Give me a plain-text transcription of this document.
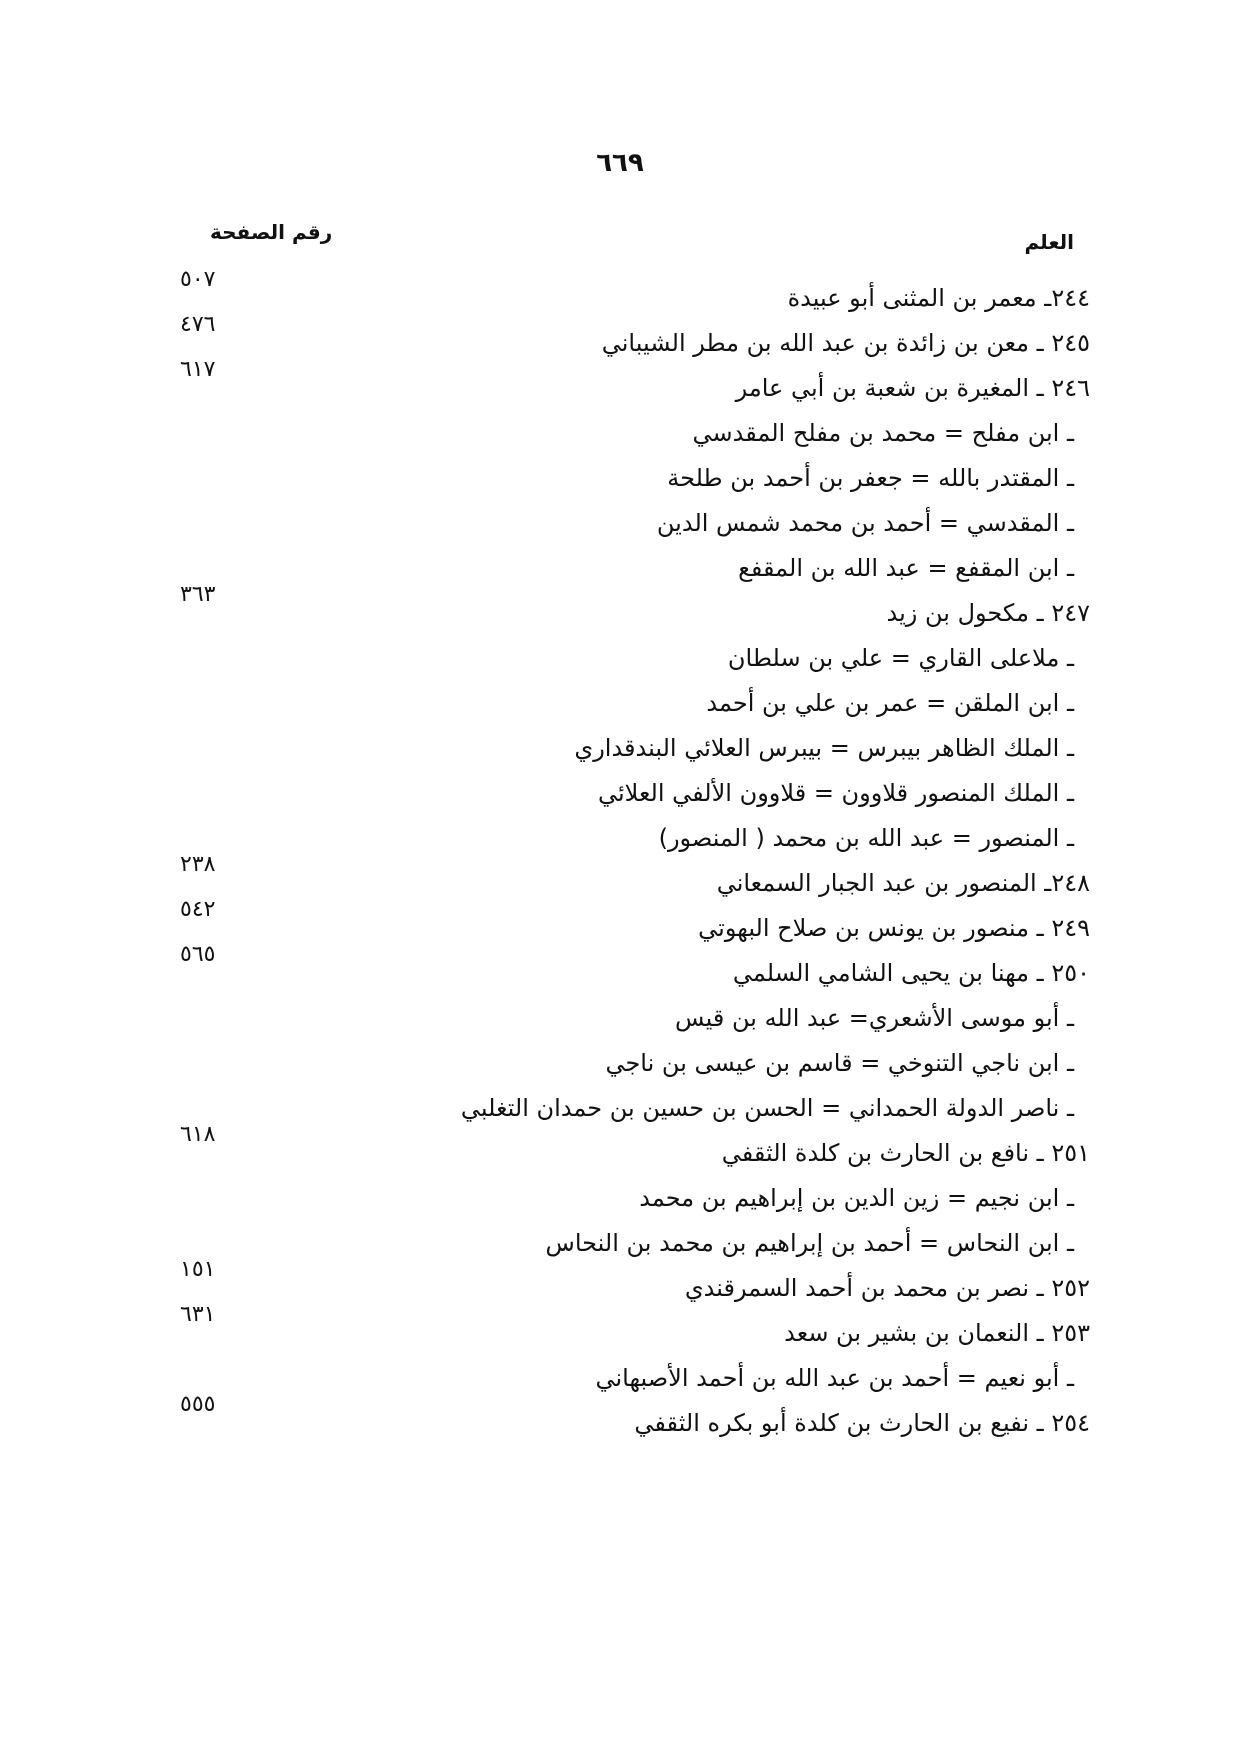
٦٦٩
رقم الصفحة	العلم
٢٤٤ـ معمر بن المثنى أبو عبيدة
٥٠٧
٢٤٥ ـ معن بن زائدة بن عبد الله بن مطر الشيباني
٤٧٦
٢٤٦ ـ المغيرة بن شعبة بن أبي عامر
٦١٧
ـ ابن مفلح = محمد بن مفلح المقدسي
ـ المقتدر بالله = جعفر بن أحمد بن طلحة
ـ المقدسي = أحمد بن محمد شمس الدين
ـ ابن المقفع = عبد الله بن المقفع
٢٤٧ ـ مكحول بن زيد
٣٦٣
ـ ملاعلى القاري = علي بن سلطان
ـ ابن الملقن = عمر بن علي بن أحمد
ـ الملك الظاهر بيبرس = بيبرس العلائي البندقداري
ـ الملك المنصور قلاوون = قلاوون الألفي العلائي
ـ المنصور = عبد الله بن محمد ( المنصور)
٢٤٨ـ المنصور بن عبد الجبار السمعاني
٢٣٨
٢٤٩ ـ منصور بن يونس بن صلاح البهوتي
٥٤٢
٢٥٠ ـ مهنا بن يحيى الشامي السلمي
٥٦٥
ـ أبو موسى الأشعري= عبد الله بن قيس
ـ ابن ناجي التنوخي = قاسم بن عيسى بن ناجي
ـ ناصر الدولة الحمداني = الحسن بن حسين بن حمدان التغلبي
٢٥١ ـ نافع بن الحارث بن كلدة الثقفي
٦١٨
ـ ابن نجيم = زين الدين بن إبراهيم بن محمد
ـ ابن النحاس = أحمد بن إبراهيم بن محمد بن النحاس
٢٥٢ ـ نصر بن محمد بن أحمد السمرقندي
١٥١
٢٥٣ ـ النعمان بن بشير بن سعد
٦٣١
ـ أبو نعيم = أحمد بن عبد الله بن أحمد الأصبهاني
٢٥٤ ـ نفيع بن الحارث بن كلدة أبو بكره الثقفي
٥٥٥
